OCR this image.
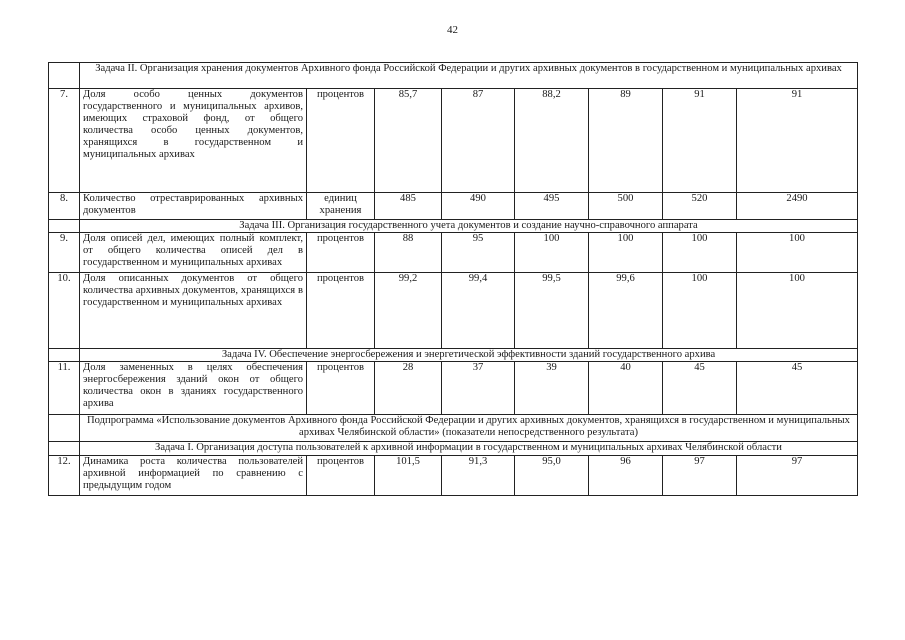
42
	Задача II. Организация хранения документов Архивного фонда Российской Федерации и других архивных документов в государственном и муниципальных архивах							
7.	Доля особо ценных документов государственного и муниципальных архивов, имеющих страховой фонд, от общего количества особо ценных документов, хранящихся в государственном и муниципальных архивах	процентов	85,7	87	88,2	89	91	91
8.	Количество отреставрированных архивных документов	единиц хранения	485	490	495	500	520	2490
	Задача III. Организация государственного учета документов и создание научно-справочного аппарата							
9.	Доля описей дел, имеющих полный комплект, от общего количества описей дел в государственном и муниципальных архивах	процентов	88	95	100	100	100	100
10.	Доля описанных документов от общего количества архивных документов, хранящихся в государственном и муниципальных архивах	процентов	99,2	99,4	99,5	99,6	100	100
	Задача IV. Обеспечение энергосбережения и энергетической эффективности зданий государственного архива							
11.	Доля замененных в целях обеспечения энергосбережения зданий окон от общего количества окон в зданиях государственного архива	процентов	28	37	39	40	45	45
	Подпрограмма «Использование документов Архивного фонда Российской Федерации и других архивных документов, хранящихся в государственном и муниципальных архивах Челябинской области» (показатели непосредственного результата)							
	Задача I. Организация доступа пользователей к архивной информации в государственном и муниципальных архивах Челябинской области							
12.	Динамика роста количества пользователей архивной информацией по сравнению с предыдущим годом	процентов	101,5	91,3	95,0	96	97	97
